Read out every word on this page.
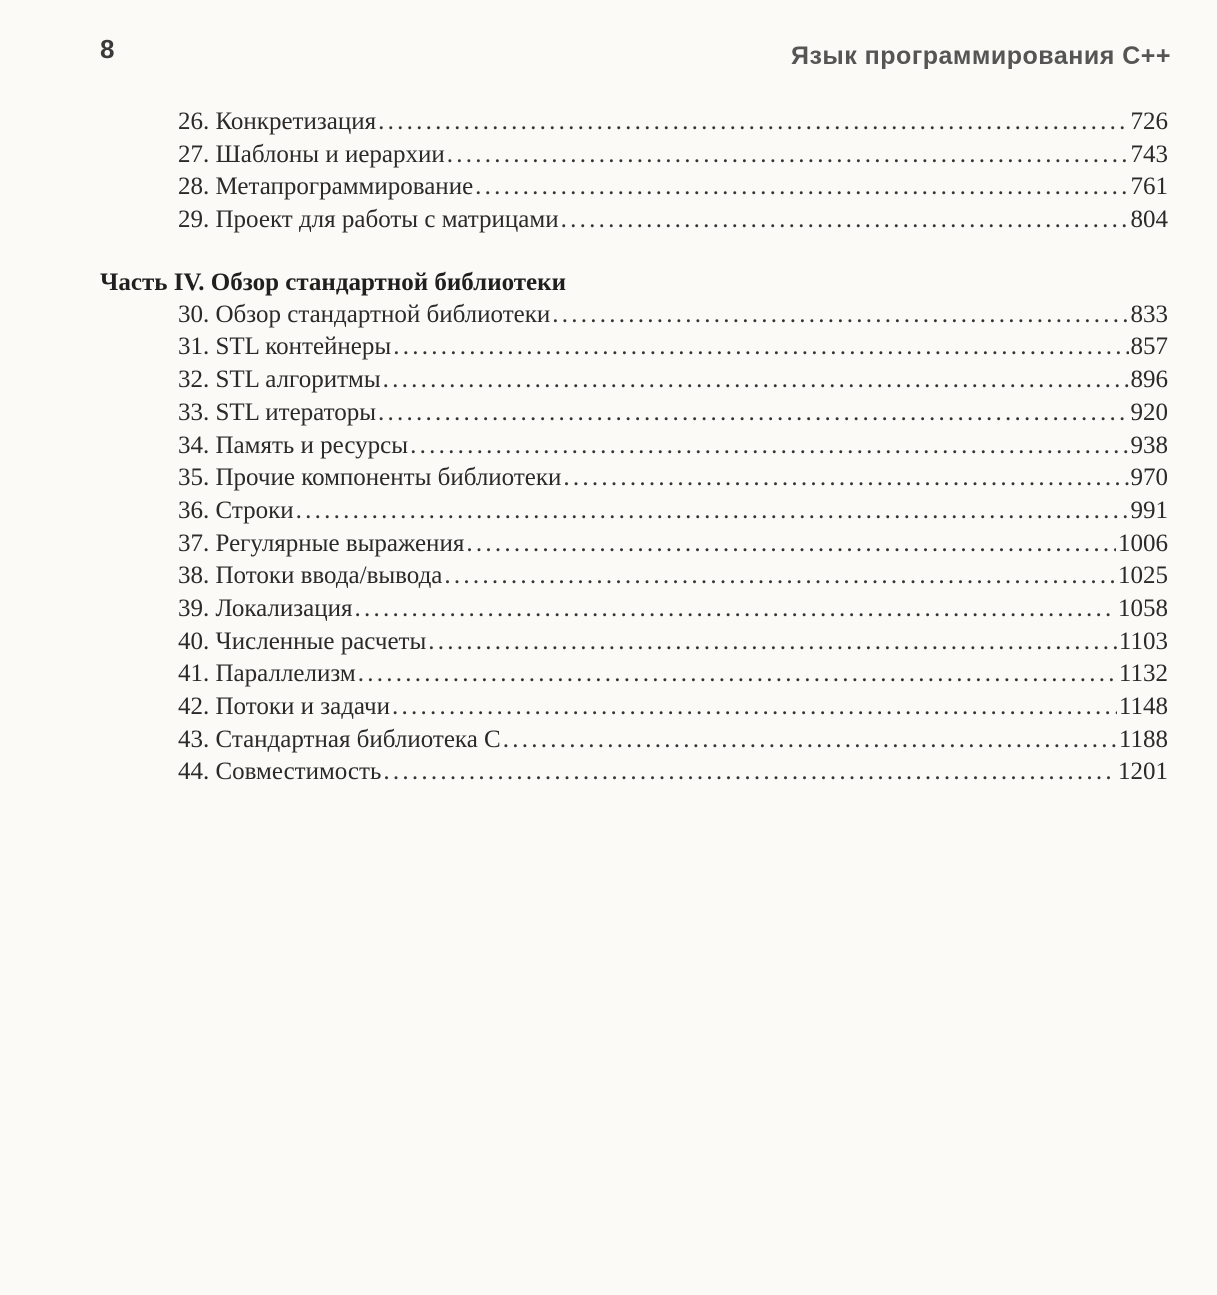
8	Язык программирования С++
26. Конкретизация . . .	726
27. Шаблоны и иерархии . . .	743
28. Метапрограммирование . . .	761
29. Проект для работы с матрицами . . .	804
Часть IV. Обзор стандартной библиотеки
30. Обзор стандартной библиотеки . . .	833
31. STL контейнеры . . .	857
32. STL алгоритмы . . .	896
33. STL итераторы . . .	920
34. Память и ресурсы . . .	938
35. Прочие компоненты библиотеки . . .	970
36. Строки . . .	991
37. Регулярные выражения . . .	1006
38. Потоки ввода/вывода . . .	1025
39. Локализация . . .	1058
40. Численные расчеты . . .	1103
41. Параллелизм . . .	1132
42. Потоки и задачи . . .	1148
43. Стандартная библиотека С . . .	1188
44. Совместимость . . .	1201
